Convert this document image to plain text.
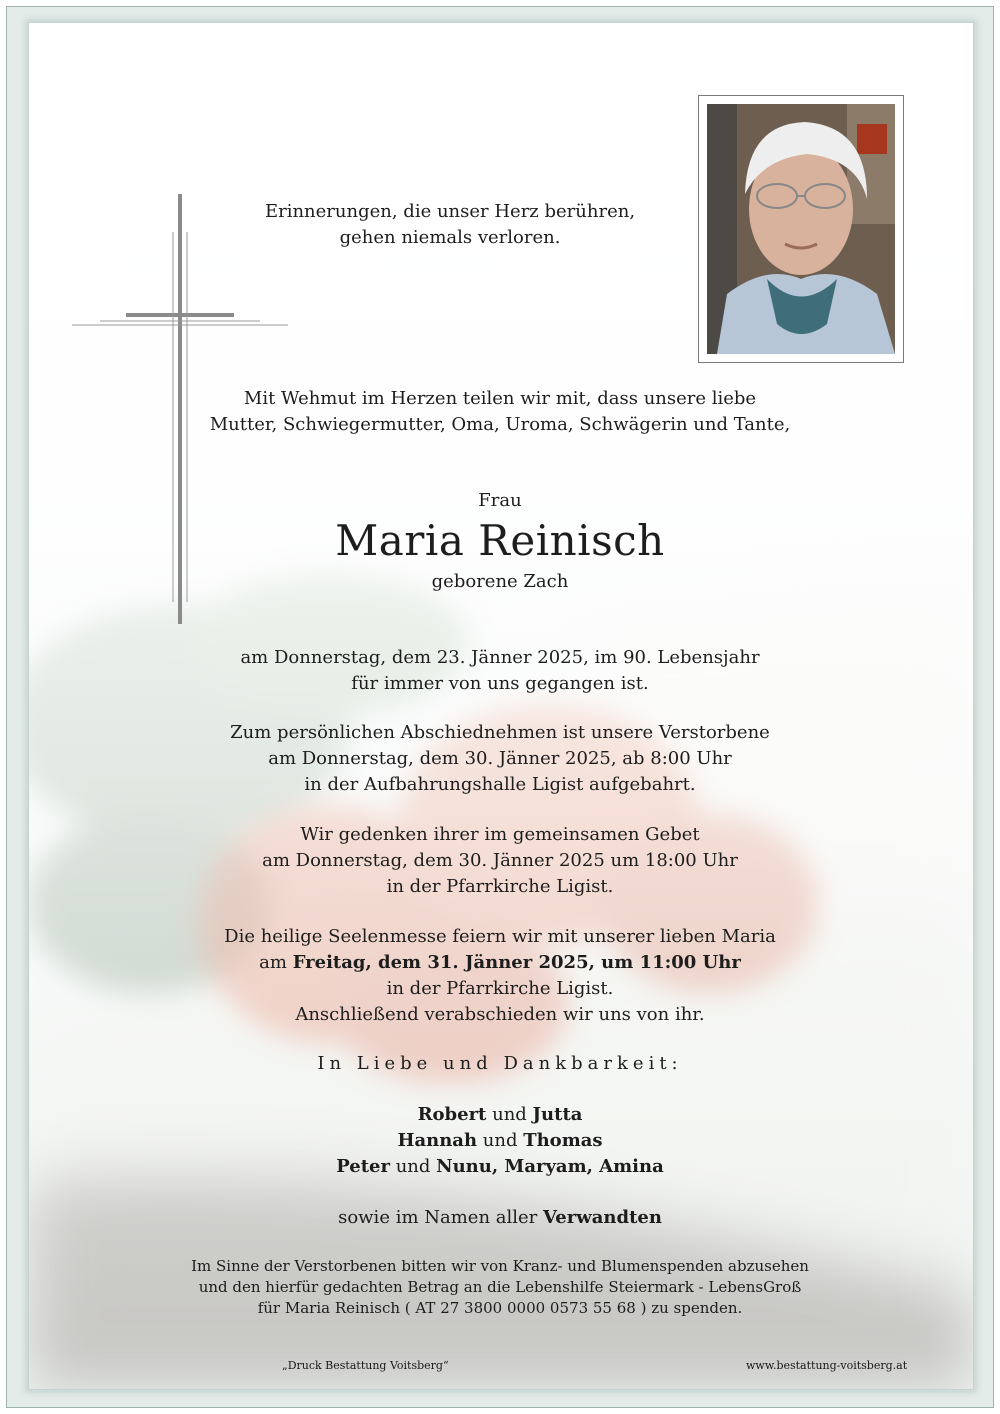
Erinnerungen, die unser Herz berühren,
gehen niemals verloren.
Mit Wehmut im Herzen teilen wir mit, dass unsere liebe
Mutter, Schwiegermutter, Oma, Uroma, Schwägerin und Tante,
Frau
Maria Reinisch
geborene Zach
am Donnerstag, dem 23. Jänner 2025, im 90. Lebensjahr
für immer von uns gegangen ist.
Zum persönlichen Abschiednehmen ist unsere Verstorbene
am Donnerstag, dem 30. Jänner 2025, ab 8:00 Uhr
in der Aufbahrungshalle Ligist aufgebahrt.
Wir gedenken ihrer im gemeinsamen Gebet
am Donnerstag, dem 30. Jänner 2025 um 18:00 Uhr
in der Pfarrkirche Ligist.
Die heilige Seelenmesse feiern wir mit unserer lieben Maria
am Freitag, dem 31. Jänner 2025, um 11:00 Uhr
in der Pfarrkirche Ligist.
Anschließend verabschieden wir uns von ihr.
In Liebe und Dankbarkeit:
Robert und Jutta
Hannah und Thomas
Peter und Nunu, Maryam, Amina
sowie im Namen aller Verwandten
Im Sinne der Verstorbenen bitten wir von Kranz- und Blumenspenden abzusehen
und den hierfür gedachten Betrag an die Lebenshilfe Steiermark - LebensGroß
für Maria Reinisch ( AT 27 3800 0000 0573 55 68 ) zu spenden.
„Druck Bestattung Voitsberg“	www.bestattung-voitsberg.at
